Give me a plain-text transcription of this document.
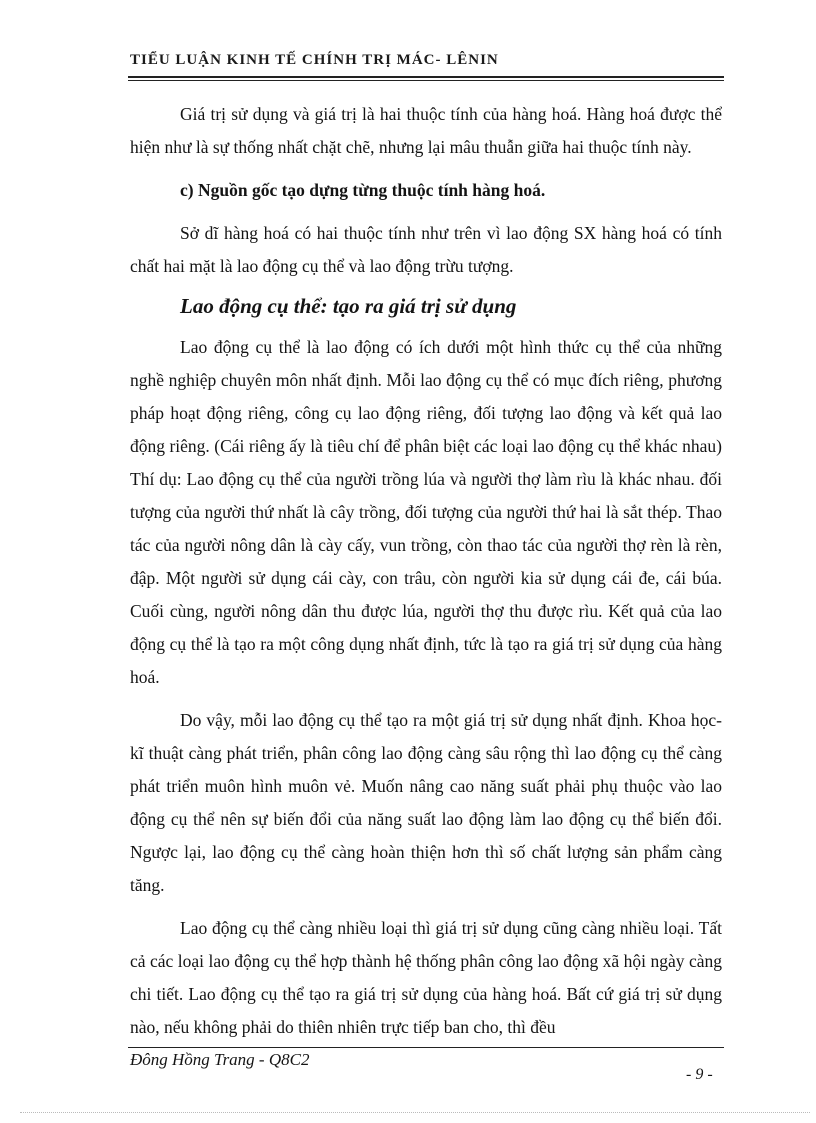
TIỂU LUẬN KINH TẾ CHÍNH TRỊ MÁC- LÊNIN

Giá trị sử dụng và giá trị là hai thuộc tính của hàng hoá. Hàng hoá được thể hiện như là sự thống nhất chặt chẽ, nhưng lại mâu thuẫn giữa hai thuộc tính này.

c) Nguồn gốc tạo dựng từng thuộc tính hàng hoá.

Sở dĩ hàng hoá có hai thuộc tính như trên vì lao động SX hàng hoá có tính chất hai mặt là lao động cụ thể và lao động trừu tượng.

Lao động cụ thể: tạo ra giá trị sử dụng

Lao động cụ thể là lao động có ích dưới một hình thức cụ thể của những nghề nghiệp chuyên môn nhất định. Mỗi lao động cụ thể có mục đích riêng, phương pháp hoạt động riêng, công cụ lao động riêng, đối tượng lao động và kết quả lao động riêng. (Cái riêng ấy là tiêu chí để phân biệt các loại lao động cụ thể khác nhau) Thí dụ: Lao động cụ thể của người trồng lúa và người thợ làm rìu là khác nhau. đối tượng của người thứ nhất là cây trồng, đối tượng của người thứ hai là sắt thép. Thao tác của người nông dân là cày cấy, vun trồng, còn thao tác của người thợ rèn là rèn, đập. Một người sử dụng cái cày, con trâu, còn người kia sử dụng cái đe, cái búa. Cuối cùng, người nông dân thu được lúa, người thợ thu được rìu. Kết quả của lao động cụ thể là tạo ra một công dụng nhất định, tức là tạo ra giá trị sử dụng của hàng hoá.

Do vậy, mỗi lao động cụ thể tạo ra một giá trị sử dụng nhất định. Khoa học-kĩ thuật càng phát triển, phân công lao động càng sâu rộng thì lao động cụ thể càng phát triển muôn hình muôn vẻ. Muốn nâng cao năng suất phải phụ thuộc vào lao động cụ thể nên sự biến đổi của năng suất lao động làm lao động cụ thể biến đổi. Ngược lại, lao động cụ thể càng hoàn thiện hơn thì số chất lượng sản phẩm càng tăng.

Lao động cụ thể càng nhiều loại thì giá trị sử dụng cũng càng nhiều loại. Tất cả các loại lao động cụ thể hợp thành hệ thống phân công lao động xã hội ngày càng chi tiết. Lao động cụ thể tạo ra giá trị sử dụng của hàng hoá. Bất cứ giá trị sử dụng nào, nếu không phải do thiên nhiên trực tiếp ban cho, thì đều

Đông Hồng Trang - Q8C2
- 9 -
